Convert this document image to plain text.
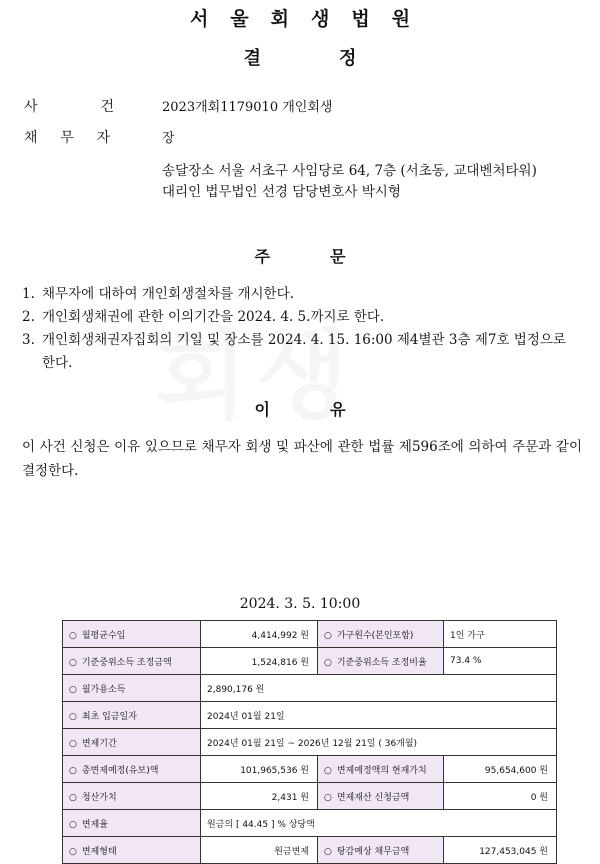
서울회생법원
결정
사	건	2023개회1179010 개인회생
채 무 자	장
송달장소 서울 서초구 사임당로 64, 7층 (서초동, 교대벤처타워)
대리인 법무법인 선경 담당변호사 박시형
주문
1. 채무자에 대하여 개인회생절차를 개시한다.
2. 개인회생채권에 관한 이의기간을 2024. 4. 5.까지로 한다.
3. 개인회생채권자집회의 기일 및 장소를 2024. 4. 15. 16:00 제4별관 3층 제7호 법정으로 한다.
이유
이 사건 신청은 이유 있으므로 채무자 회생 및 파산에 관한 법률 제596조에 의하여 주문과 같이 결정한다.
2024. 3. 5. 10:00
○ 월평균수입	4,414,992 원	○ 가구원수(본인포함)	1인 가구
○ 기준중위소득 조정금액	1,524,816 원	○ 기준중위소득 조정비율	73.4 %
○ 월가용소득	2,890,176 원		
○ 최초 입금일자	2024년 01월 21일		
○ 변제기간	2024년 01월 21일 ~ 2026년 12월 21일 ( 36개월)		
○ 총변제예정(유보)액	101,965,536 원	○ 변제예정액의 현재가치	95,654,600 원
○ 청산가치	2,431 원	○ 면제재산 신청금액	0 원
○ 변제율	원금의 [ 44.45 ] % 상당액		
○ 변제형태	원금변제	○ 탕감예상 채무금액	127,453,045 원
